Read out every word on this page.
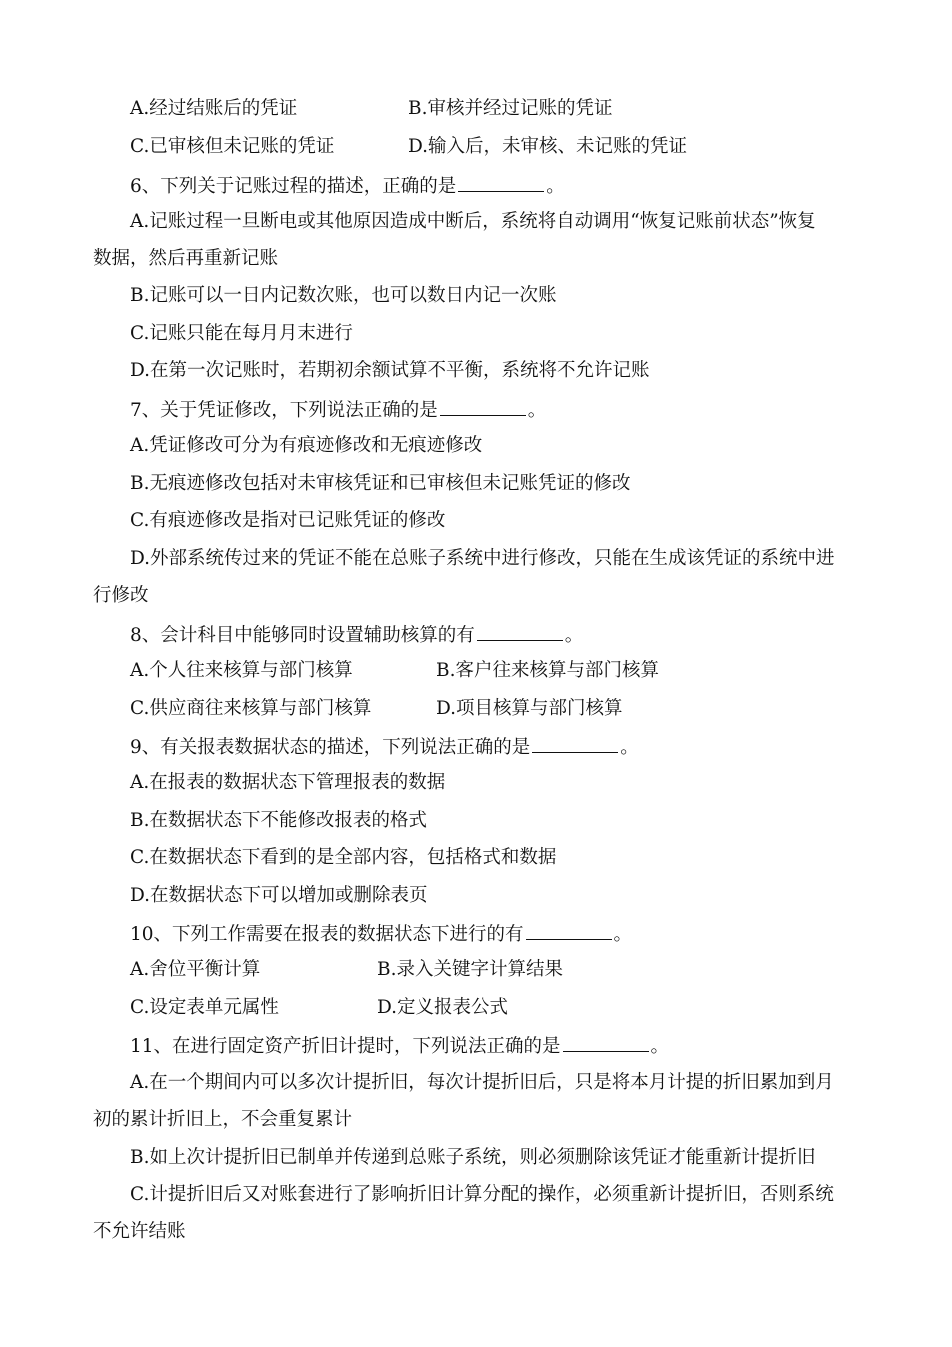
A.经过结账后的凭证	B.审核并经过记账的凭证
C.已审核但未记账的凭证	D.输入后，未审核、未记账的凭证
6、下列关于记账过程的描述，正确的是	。
A.记账过程一旦断电或其他原因造成中断后，系统将自动调用“恢复记账前状态”恢复
数据，然后再重新记账
B.记账可以一日内记数次账，也可以数日内记一次账
C.记账只能在每月月末进行
D.在第一次记账时，若期初余额试算不平衡，系统将不允许记账
7、关于凭证修改，下列说法正确的是	。
A.凭证修改可分为有痕迹修改和无痕迹修改
B.无痕迹修改包括对未审核凭证和已审核但未记账凭证的修改
C.有痕迹修改是指对已记账凭证的修改
D.外部系统传过来的凭证不能在总账子系统中进行修改，只能在生成该凭证的系统中进
行修改
8、会计科目中能够同时设置辅助核算的有	。
A.个人往来核算与部门核算	B.客户往来核算与部门核算
C.供应商往来核算与部门核算	D.项目核算与部门核算
9、有关报表数据状态的描述，下列说法正确的是	。
A.在报表的数据状态下管理报表的数据
B.在数据状态下不能修改报表的格式
C.在数据状态下看到的是全部内容，包括格式和数据
D.在数据状态下可以增加或删除表页
10、下列工作需要在报表的数据状态下进行的有	。
A.舍位平衡计算	B.录入关键字计算结果
C.设定表单元属性	D.定义报表公式
11、在进行固定资产折旧计提时，下列说法正确的是	。
A.在一个期间内可以多次计提折旧，每次计提折旧后，只是将本月计提的折旧累加到月
初的累计折旧上，不会重复累计
B.如上次计提折旧已制单并传递到总账子系统，则必须删除该凭证才能重新计提折旧
C.计提折旧后又对账套进行了影响折旧计算分配的操作，必须重新计提折旧，否则系统
不允许结账
